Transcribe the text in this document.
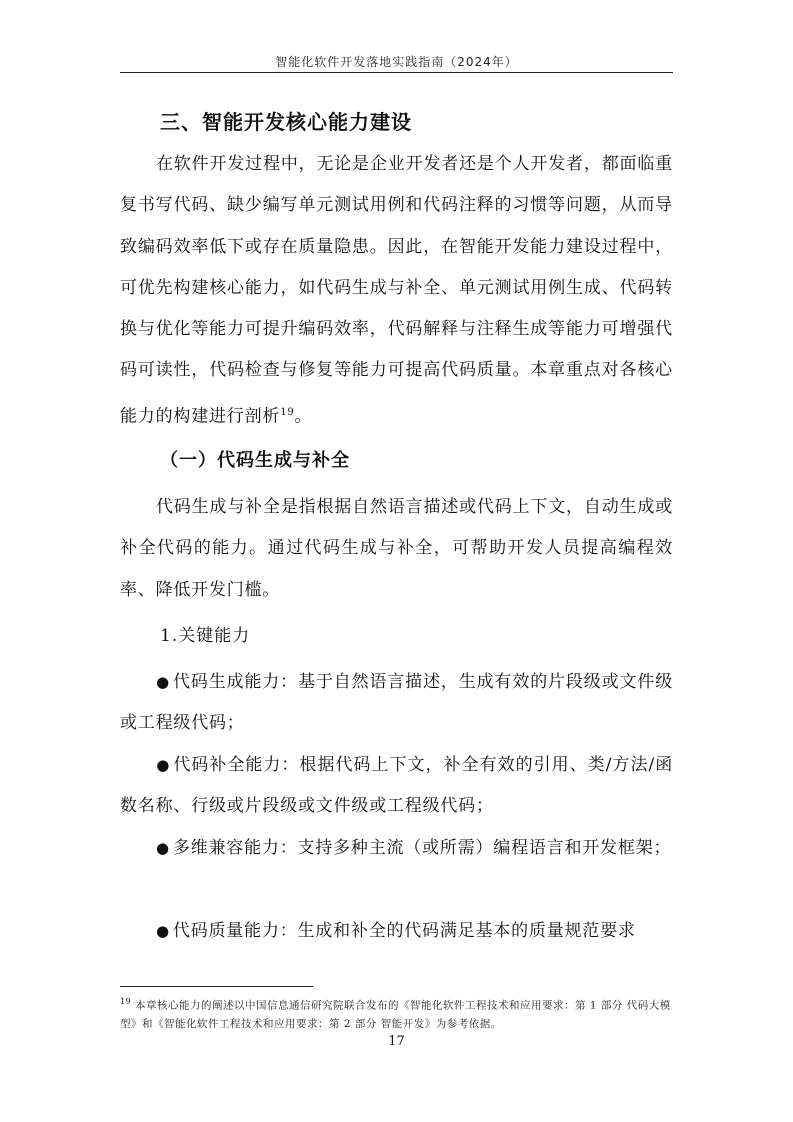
智能化软件开发落地实践指南（2024年）
三、智能开发核心能力建设

在软件开发过程中，无论是企业开发者还是个人开发者，都面临重复书写代码、缺少编写单元测试用例和代码注释的习惯等问题，从而导致编码效率低下或存在质量隐患。因此，在智能开发能力建设过程中，可优先构建核心能力，如代码生成与补全、单元测试用例生成、代码转换与优化等能力可提升编码效率，代码解释与注释生成等能力可增强代码可读性，代码检查与修复等能力可提高代码质量。本章重点对各核心能力的构建进行剖析$^{19}$。

（一）代码生成与补全

代码生成与补全是指根据自然语言描述或代码上下文，自动生成或补全代码的能力。通过代码生成与补全，可帮助开发人员提高编程效率、降低开发门槛。

1.关键能力

● 代码生成能力：基于自然语言描述，生成有效的片段级或文件级或工程级代码；

● 代码补全能力：根据代码上下文，补全有效的引用、类/方法/函数名称、行级或片段级或文件级或工程级代码；

● 多维兼容能力：支持多种主流（或所需）编程语言和开发框架；

● 代码质量能力：生成和补全的代码满足基本的质量规范要求

$^{19}$ 本章核心能力的阐述以中国信息通信研究院联合发布的《智能化软件工程技术和应用要求：第 1 部分 代码大模型》和《智能化软件工程技术和应用要求：第 2 部分 智能开发》为参考依据。
17
